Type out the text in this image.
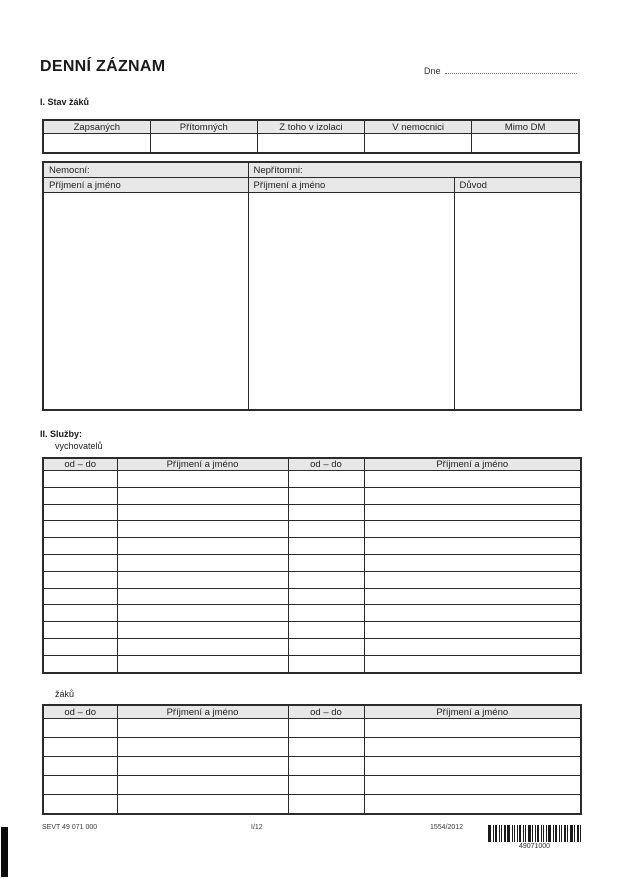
DENNÍ ZÁZNAM	Dne
I. Stav žáků
Zapsaných	Přítomných	Z toho v izolaci	V nemocnici	Mimo DM

Nemocní:	Nepřítomni:	
Příjmení a jméno	Příjmení a jméno	Důvod

II. Služby:
vychovatelů
od – do	Příjmení a jméno	od – do	Příjmení a jméno

žáků
od – do	Příjmení a jméno	od – do	Příjmení a jméno

SEVT 49 071 000	I/12	1554/2012
49071000
